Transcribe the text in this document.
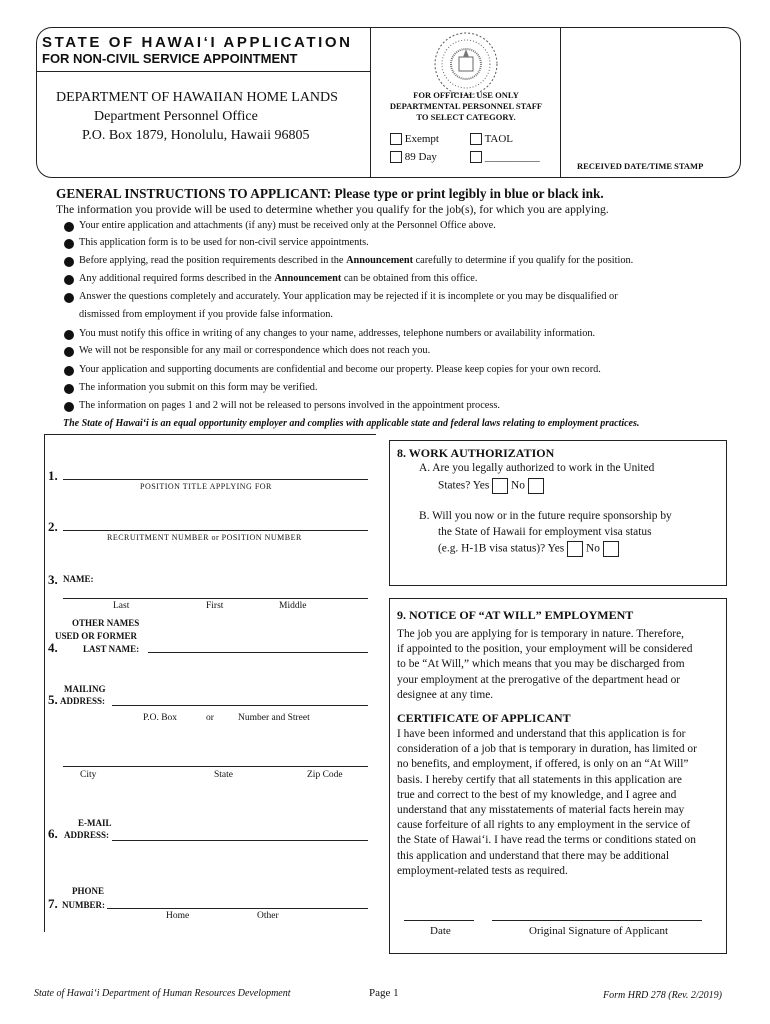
STATE OF HAWAI‘I APPLICATION
FOR NON-CIVIL SERVICE APPOINTMENT
DEPARTMENT OF HAWAIIAN HOME LANDS
Department Personnel Office
P.O. Box 1879, Honolulu, Hawaii 96805
FOR OFFICIAL USE ONLY
DEPARTMENTAL PERSONNEL STAFF
TO SELECT CATEGORY.
Exempt	TAOL
89 Day	__________
RECEIVED DATE/TIME STAMP
GENERAL INSTRUCTIONS TO APPLICANT: Please type or print legibly in blue or black ink.
The information you provide will be used to determine whether you qualify for the job(s), for which you are applying.
Your entire application and attachments (if any) must be received only at the Personnel Office above.
This application form is to be used for non-civil service appointments.
Before applying, read the position requirements described in the Announcement carefully to determine if you qualify for the position.
Any additional required forms described in the Announcement can be obtained from this office.
Answer the questions completely and accurately. Your application may be rejected if it is incomplete or you may be disqualified or
dismissed from employment if you provide false information.
You must notify this office in writing of any changes to your name, addresses, telephone numbers or availability information.
We will not be responsible for any mail or correspondence which does not reach you.
Your application and supporting documents are confidential and become our property. Please keep copies for your own record.
The information you submit on this form may be verified.
The information on pages 1 and 2 will not be released to persons involved in the appointment process.
The State of Hawai‘i is an equal opportunity employer and complies with applicable state and federal laws relating to employment practices.
1.
POSITION TITLE APPLYING FOR
2.
RECRUITMENT NUMBER or POSITION NUMBER
3. NAME:
Last	First	Middle
OTHER NAMES
USED OR FORMER
4.	LAST NAME:
MAILING
5. ADDRESS:
P.O. Box	or	Number and Street
City	State	Zip Code
E-MAIL
6. ADDRESS:
PHONE
7. NUMBER:
Home	Other
8. WORK AUTHORIZATION
A. Are you legally authorized to work in the United
States? Yes No
B. Will you now or in the future require sponsorship by
the State of Hawaii for employment visa status
(e.g. H-1B visa status)? Yes No
9. NOTICE OF “AT WILL” EMPLOYMENT
The job you are applying for is temporary in nature. Therefore,
if appointed to the position, your employment will be considered
to be “At Will,” which means that you may be discharged from
your employment at the prerogative of the department head or
designee at any time.
CERTIFICATE OF APPLICANT
I have been informed and understand that this application is for
consideration of a job that is temporary in duration, has limited or
no benefits, and employment, if offered, is only on an “At Will”
basis. I hereby certify that all statements in this application are
true and correct to the best of my knowledge, and I agree and
understand that any misstatements of material facts herein may
cause forfeiture of all rights to any employment in the service of
the State of Hawai‘i. I have read the terms or conditions stated on
this application and understand that there may be additional
employment-related tests as required.
Date	Original Signature of Applicant
State of Hawai‘i Department of Human Resources Development	Page 1	Form HRD 278 (Rev. 2/2019)
